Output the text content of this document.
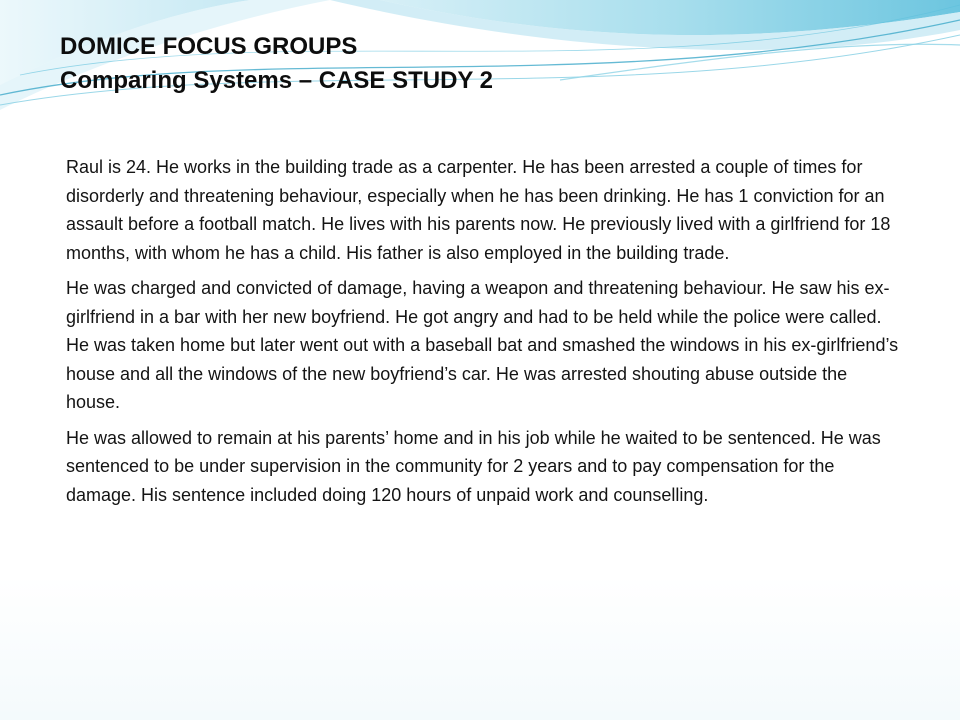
DOMICE FOCUS GROUPS
Comparing Systems – CASE STUDY 2

Raul is 24. He works in the building trade as a carpenter. He has been arrested a couple of times for disorderly and threatening behaviour, especially when he has been drinking. He has 1 conviction for an assault before a football match. He lives with his parents now. He previously lived with a girlfriend for 18 months, with whom he has a child. His father is also employed in the building trade.

He was charged and convicted of damage, having a weapon and threatening behaviour. He saw his ex-girlfriend in a bar with her new boyfriend. He got angry and had to be held while the police were called. He was taken home but later went out with a baseball bat and smashed the windows in his ex-girlfriend’s house and all the windows of the new boyfriend’s car. He was arrested shouting abuse outside the house.

He was allowed to remain at his parents’ home and in his job while he waited to be sentenced. He was sentenced to be under supervision in the community for 2 years and to pay compensation for the damage. His sentence included doing 120 hours of unpaid work and counselling.
